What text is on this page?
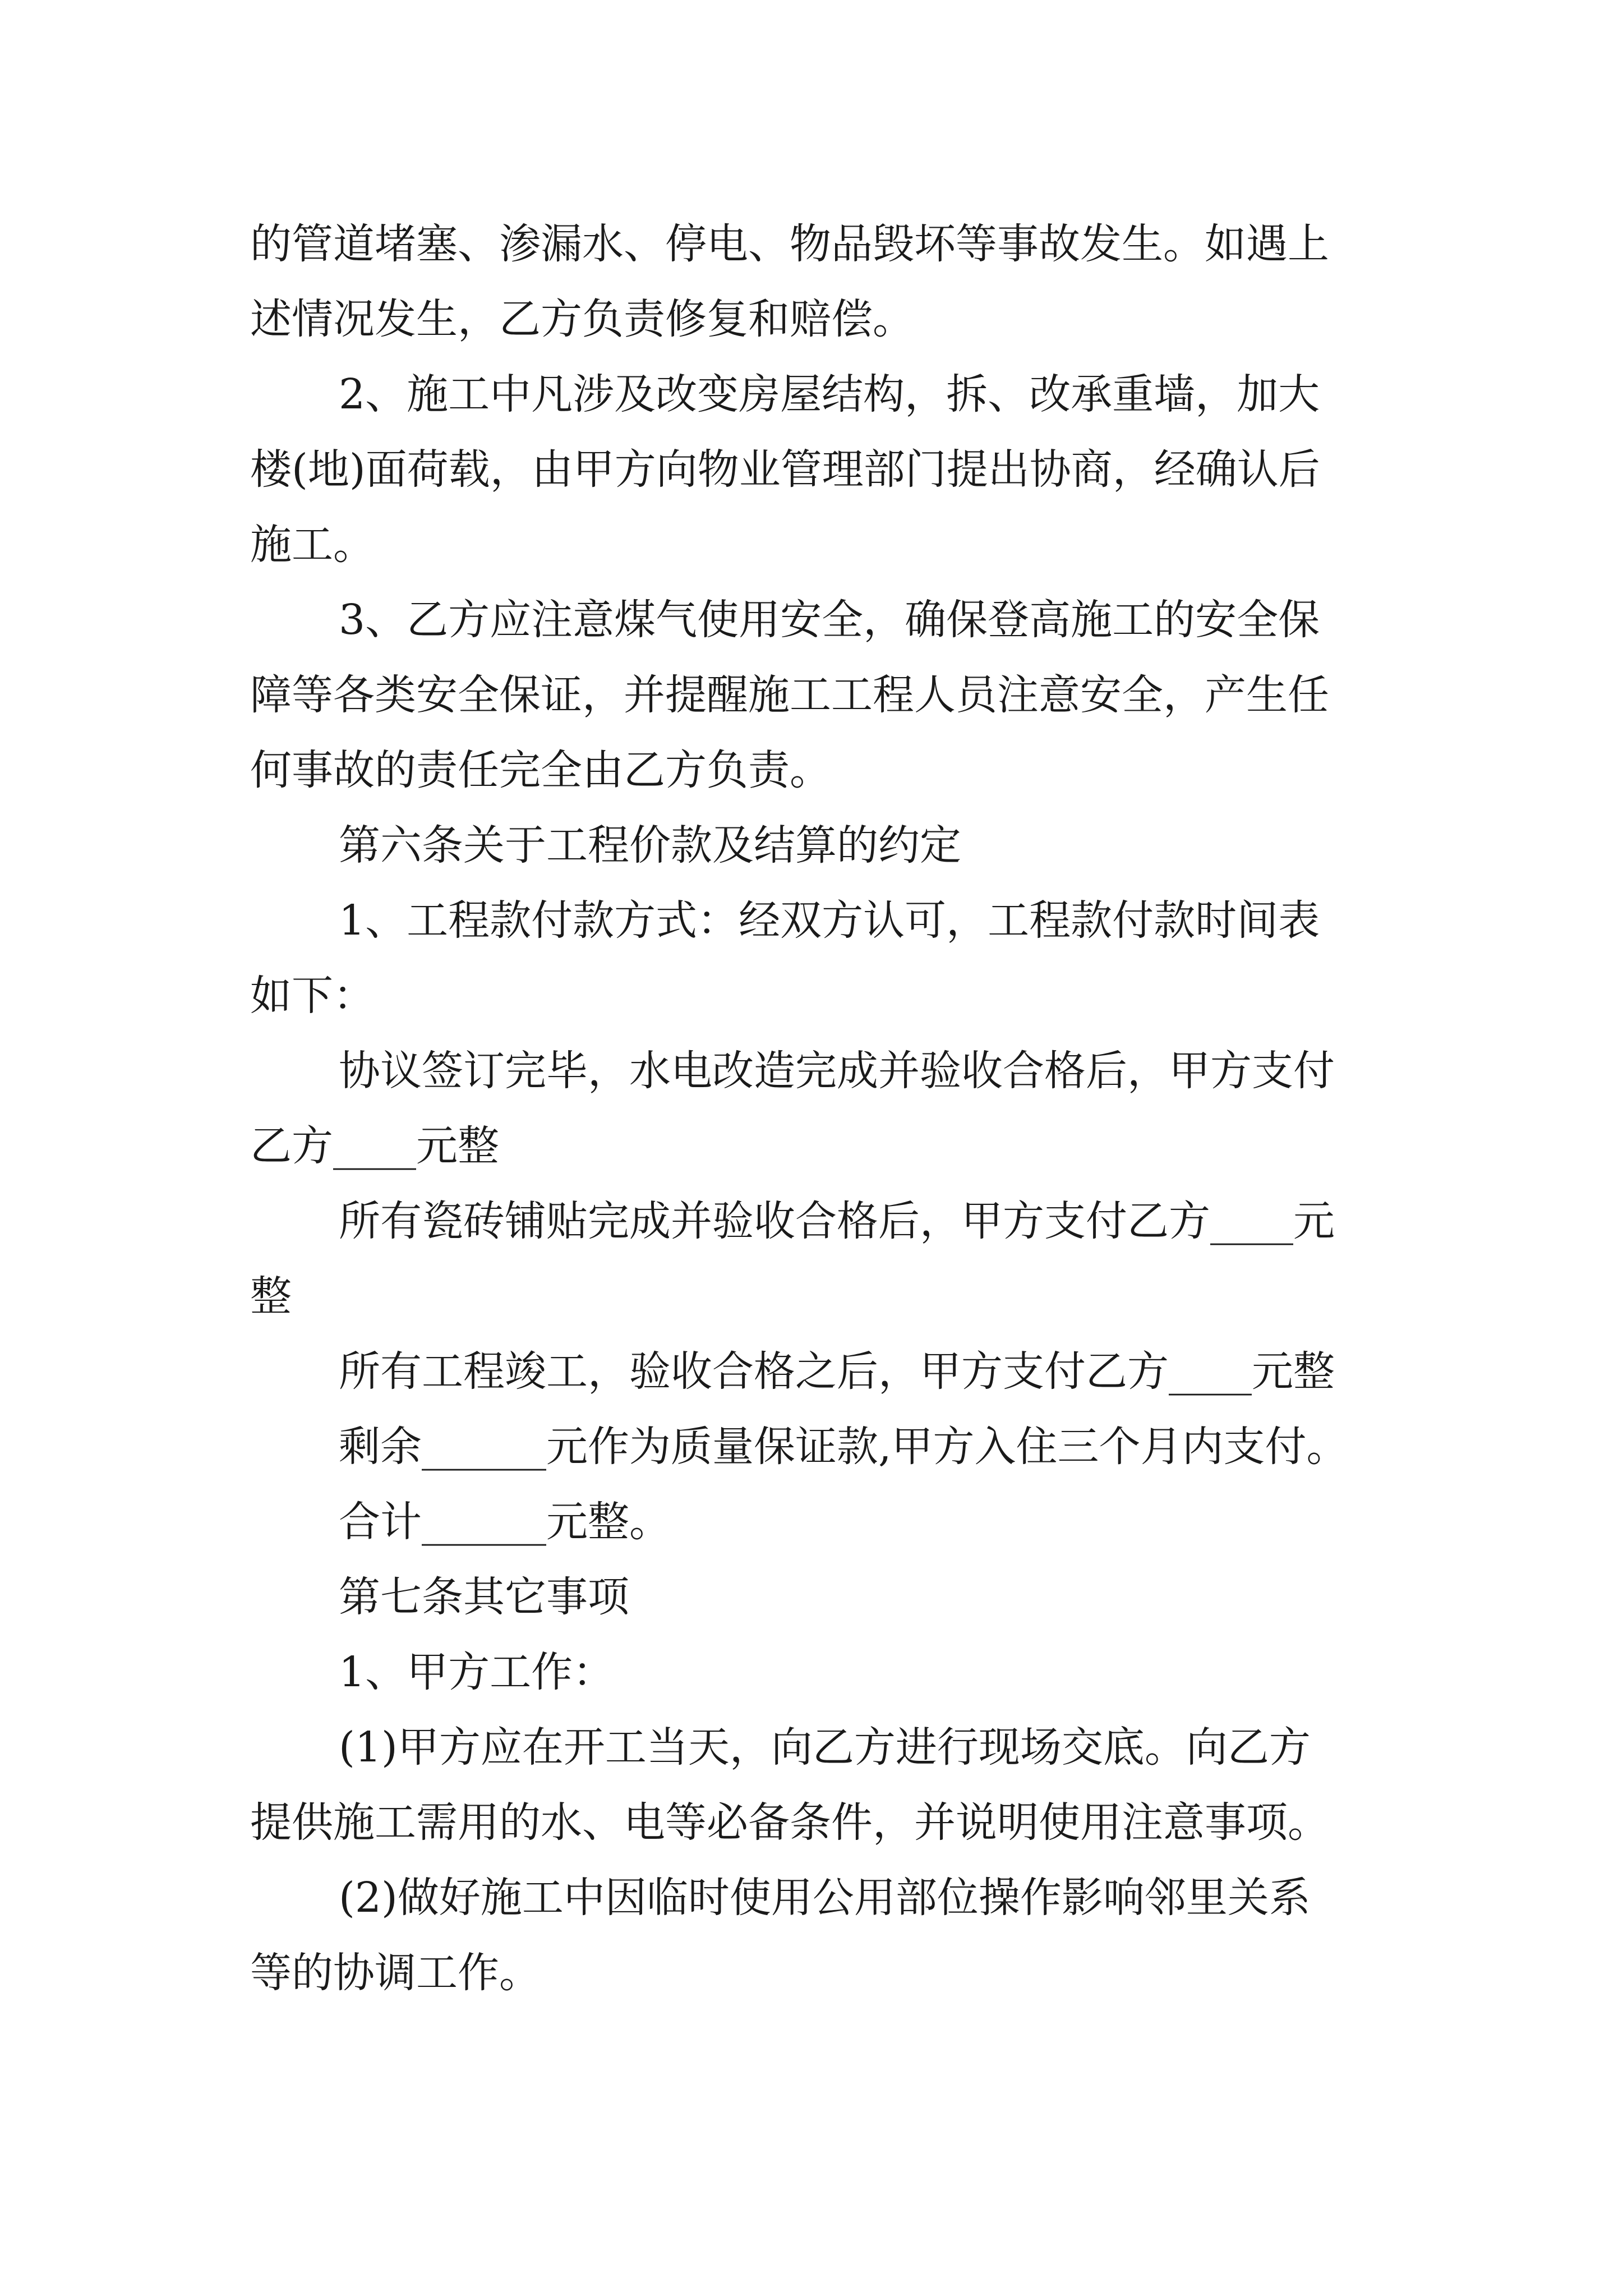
的管道堵塞、渗漏水、停电、物品毁坏等事故发生。如遇上
述情况发生，乙方负责修复和赔偿。
2、施工中凡涉及改变房屋结构，拆、改承重墙，加大
楼(地)面荷载，由甲方向物业管理部门提出协商，经确认后
施工。
3、乙方应注意煤气使用安全，确保登高施工的安全保
障等各类安全保证，并提醒施工工程人员注意安全，产生任
何事故的责任完全由乙方负责。
第六条关于工程价款及结算的约定
1、工程款付款方式：经双方认可，工程款付款时间表
如下：
协议签订完毕，水电改造完成并验收合格后，甲方支付
乙方____元整
所有瓷砖铺贴完成并验收合格后，甲方支付乙方____元
整
所有工程竣工，验收合格之后，甲方支付乙方____元整
剩余______元作为质量保证款,甲方入住三个月内支付。
合计______元整。
第七条其它事项
1、甲方工作：
(1)甲方应在开工当天，向乙方进行现场交底。向乙方
提供施工需用的水、电等必备条件，并说明使用注意事项。
(2)做好施工中因临时使用公用部位操作影响邻里关系
等的协调工作。
